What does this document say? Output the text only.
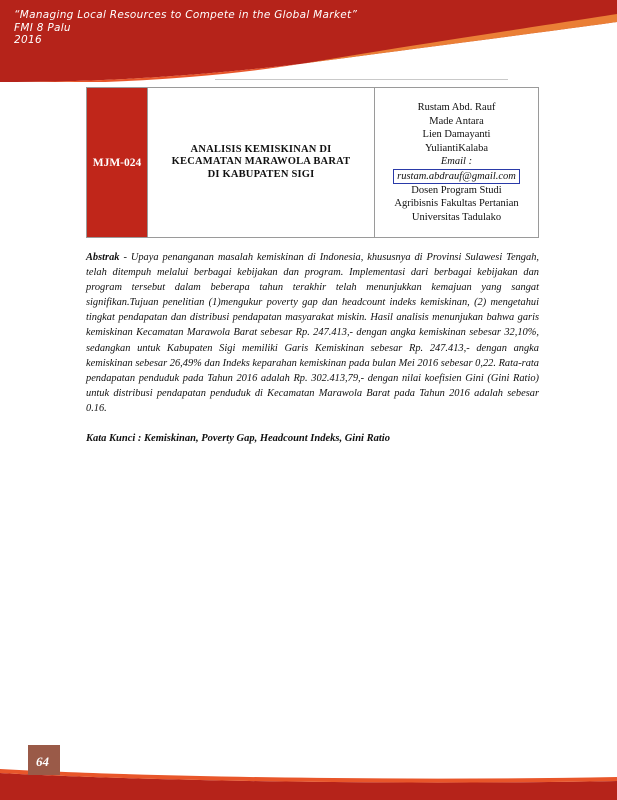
“Managing Local Resources to Compete in the Global Market”
FMI 8 Palu
2016
MJM-024	
ANALISIS KEMISKINAN DI
KECAMATAN MARAWOLA BARAT
DI KABUPATEN SIGI

Rustam Abd. Rauf
Made Antara
Lien Damayanti
YuliantiKalaba
Email :
rustam.abdrauf@gmail.com
Dosen Program Studi
Agribisnis Fakultas Pertanian
Universitas Tadulako
Abstrak - Upaya penanganan masalah kemiskinan di Indonesia, khususnya di Provinsi Sulawesi Tengah, telah ditempuh melalui berbagai kebijakan dan program. Implementasi dari berbagai kebijakan dan program tersebut dalam beberapa tahun terakhir telah menunjukkan kemajuan yang sangat signifikan.Tujuan penelitian (1)mengukur poverty gap dan headcount indeks kemiskinan, (2) mengetahui tingkat pendapatan dan distribusi pendapatan masyarakat miskin. Hasil analisis menunjukan bahwa garis kemiskinan Kecamatan Marawola Barat sebesar Rp. 247.413,- dengan angka kemiskinan sebesar 32,10%, sedangkan untuk Kabupaten Sigi memiliki Garis Kemiskinan sebesar Rp. 247.413,- dengan angka kemiskinan sebesar 26,49% dan Indeks keparahan kemiskinan pada bulan Mei 2016 sebesar 0,22. Rata-rata pendapatan penduduk pada Tahun 2016 adalah Rp. 302.413,79,- dengan nilai koefisien Gini (Gini Ratio) untuk distribusi pendapatan penduduk di Kecamatan Marawola Barat pada Tahun 2016 adalah sebesar 0.16.
Kata Kunci : Kemiskinan, Poverty Gap, Headcount Indeks, Gini Ratio
64
